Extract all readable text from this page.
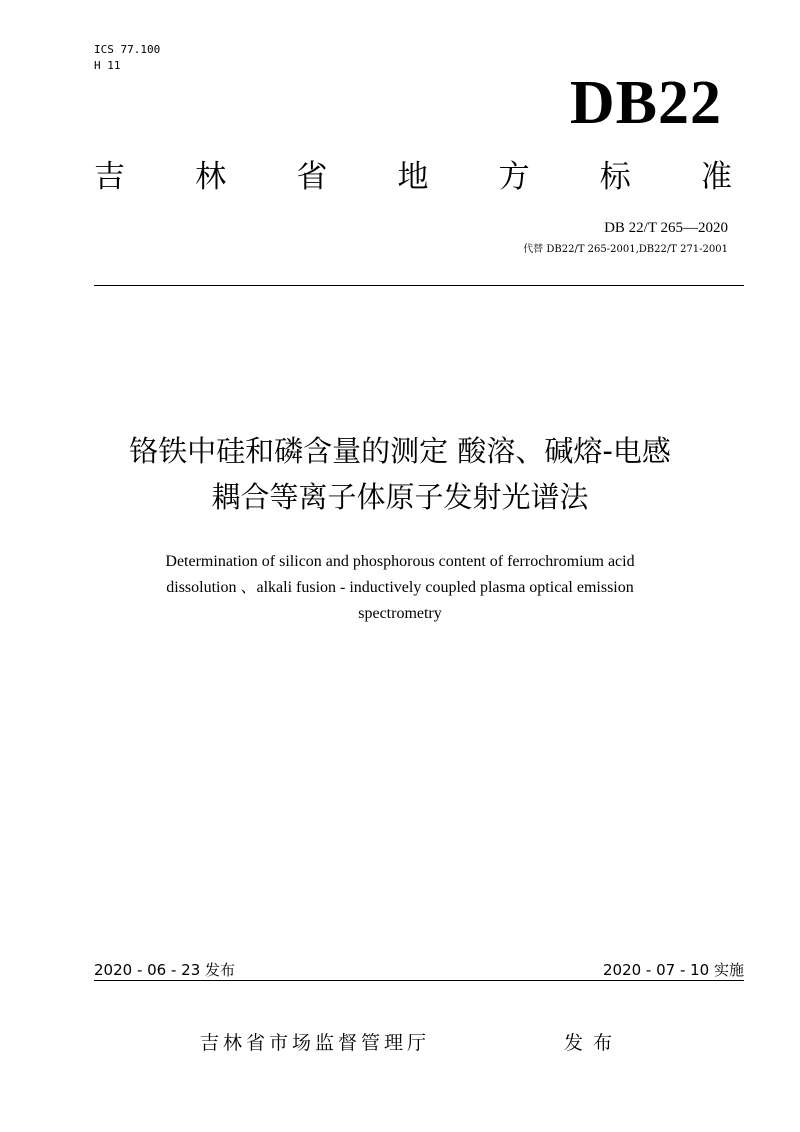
ICS 77.100
H 11
DB22
吉 林 省 地 方 标 准
DB 22/T 265—2020
代替 DB22/T 265-2001,DB22/T 271-2001
铬铁中硅和磷含量的测定 酸溶、碱熔-电感
耦合等离子体原子发射光谱法
Determination of silicon and phosphorous content of ferrochromium acid
dissolution 、alkali fusion - inductively coupled plasma optical emission
spectrometry
2020 - 06 - 23 发布	2020 - 07 - 10 实施
吉林省市场监督管理厅	发布
